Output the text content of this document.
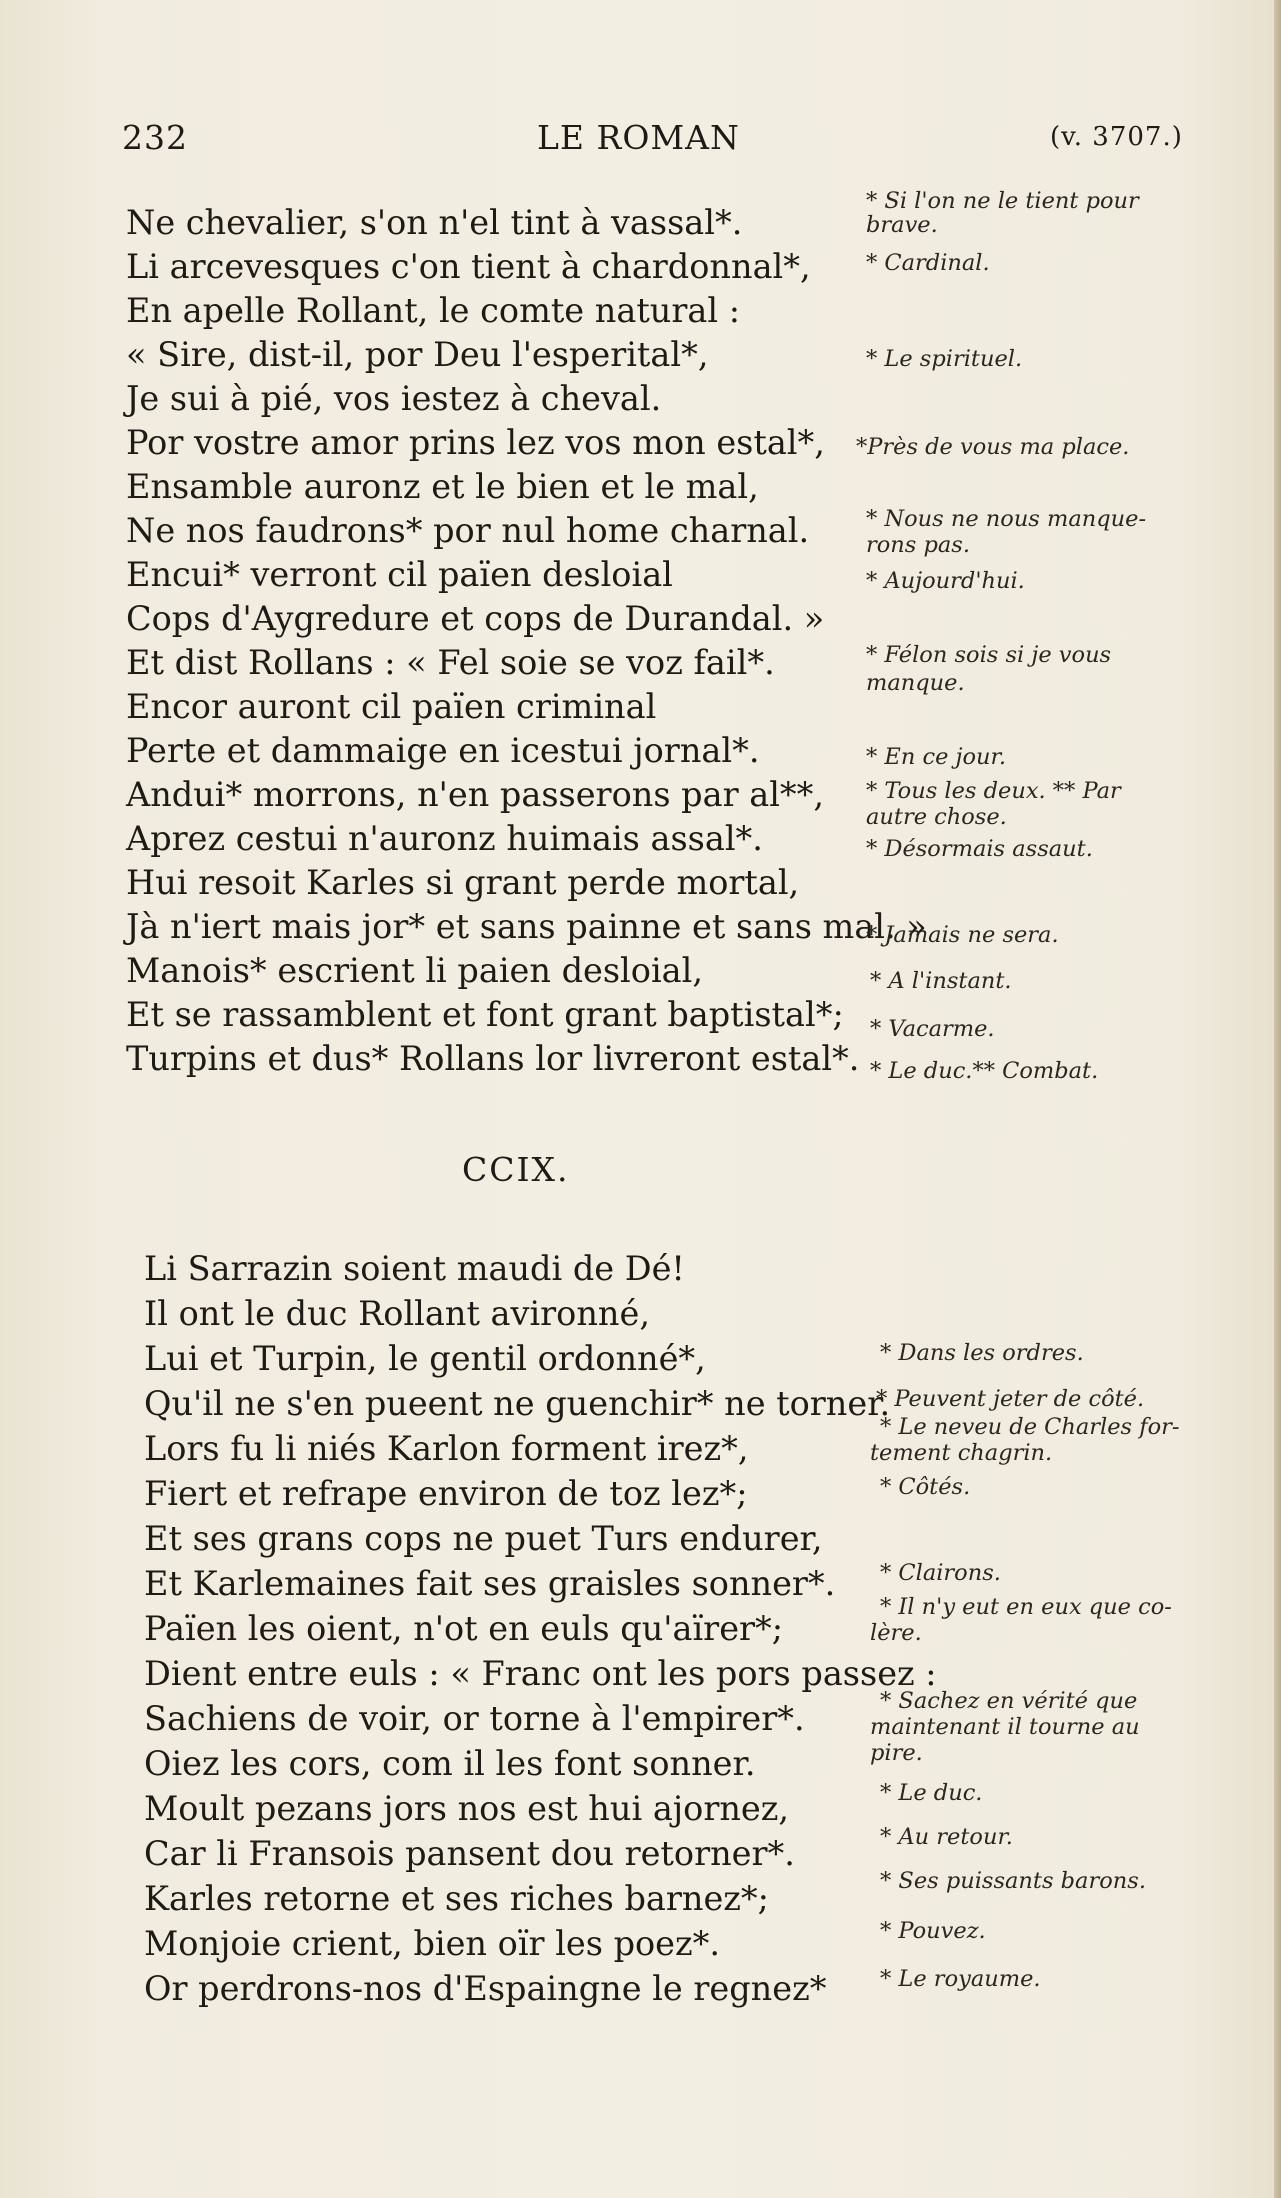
232	LE ROMAN	(v. 3707.)
Ne chevalier, s'on n'el tint à vassal*.
Li arcevesques c'on tient à chardonnal*,
En apelle Rollant, le comte natural :
« Sire, dist-il, por Deu l'esperital*,
Je sui à pié, vos iestez à cheval.
Por vostre amor prins lez vos mon estal*,
Ensamble auronz et le bien et le mal,
Ne nos faudrons* por nul home charnal.
Encui* verront cil païen desloial
Cops d'Aygredure et cops de Durandal. »
Et dist Rollans : « Fel soie se voz fail*.
Encor auront cil païen criminal
Perte et dammaige en icestui jornal*.
Andui* morrons, n'en passerons par al**,
Aprez cestui n'auronz huimais assal*.
Hui resoit Karles si grant perde mortal,
Jà n'iert mais jor* et sans painne et sans mal. »
Manois* escrient li paien desloial,
Et se rassamblent et font grant baptistal*;
Turpins et dus* Rollans lor livreront estal*.
* Si l'on ne le tient pour
brave.
* Cardinal.
* Le spirituel.
*Près de vous ma place.
* Nous ne nous manque-
rons pas.
* Aujourd'hui.
* Félon sois si je vous
manque.
* En ce jour.
* Tous les deux. ** Par
autre chose.
* Désormais assaut.
* Jamais ne sera.
* A l'instant.
* Vacarme.
* Le duc.** Combat.
CCIX.
Li Sarrazin soient maudi de Dé!
Il ont le duc Rollant avironné,
Lui et Turpin, le gentil ordonné*,
Qu'il ne s'en pueent ne guenchir* ne torner.
Lors fu li niés Karlon forment irez*,
Fiert et refrape environ de toz lez*;
Et ses grans cops ne puet Turs endurer,
Et Karlemaines fait ses graisles sonner*.
Païen les oient, n'ot en euls qu'aïrer*;
Dient entre euls : « Franc ont les pors passez :
Sachiens de voir, or torne à l'empirer*.
Oiez les cors, com il les font sonner.
Moult pezans jors nos est hui ajornez,
Car li Fransois pansent dou retorner*.
Karles retorne et ses riches barnez*;
Monjoie crient, bien oïr les poez*.
Or perdrons-nos d'Espaingne le regnez*
* Dans les ordres.
* Peuvent jeter de côté.
* Le neveu de Charles for-
tement chagrin.
* Côtés.
* Clairons.
* Il n'y eut en eux que co-
lère.
* Sachez en vérité que
maintenant il tourne au
pire.
* Le duc.
* Au retour.
* Ses puissants barons.
* Pouvez.
* Le royaume.
